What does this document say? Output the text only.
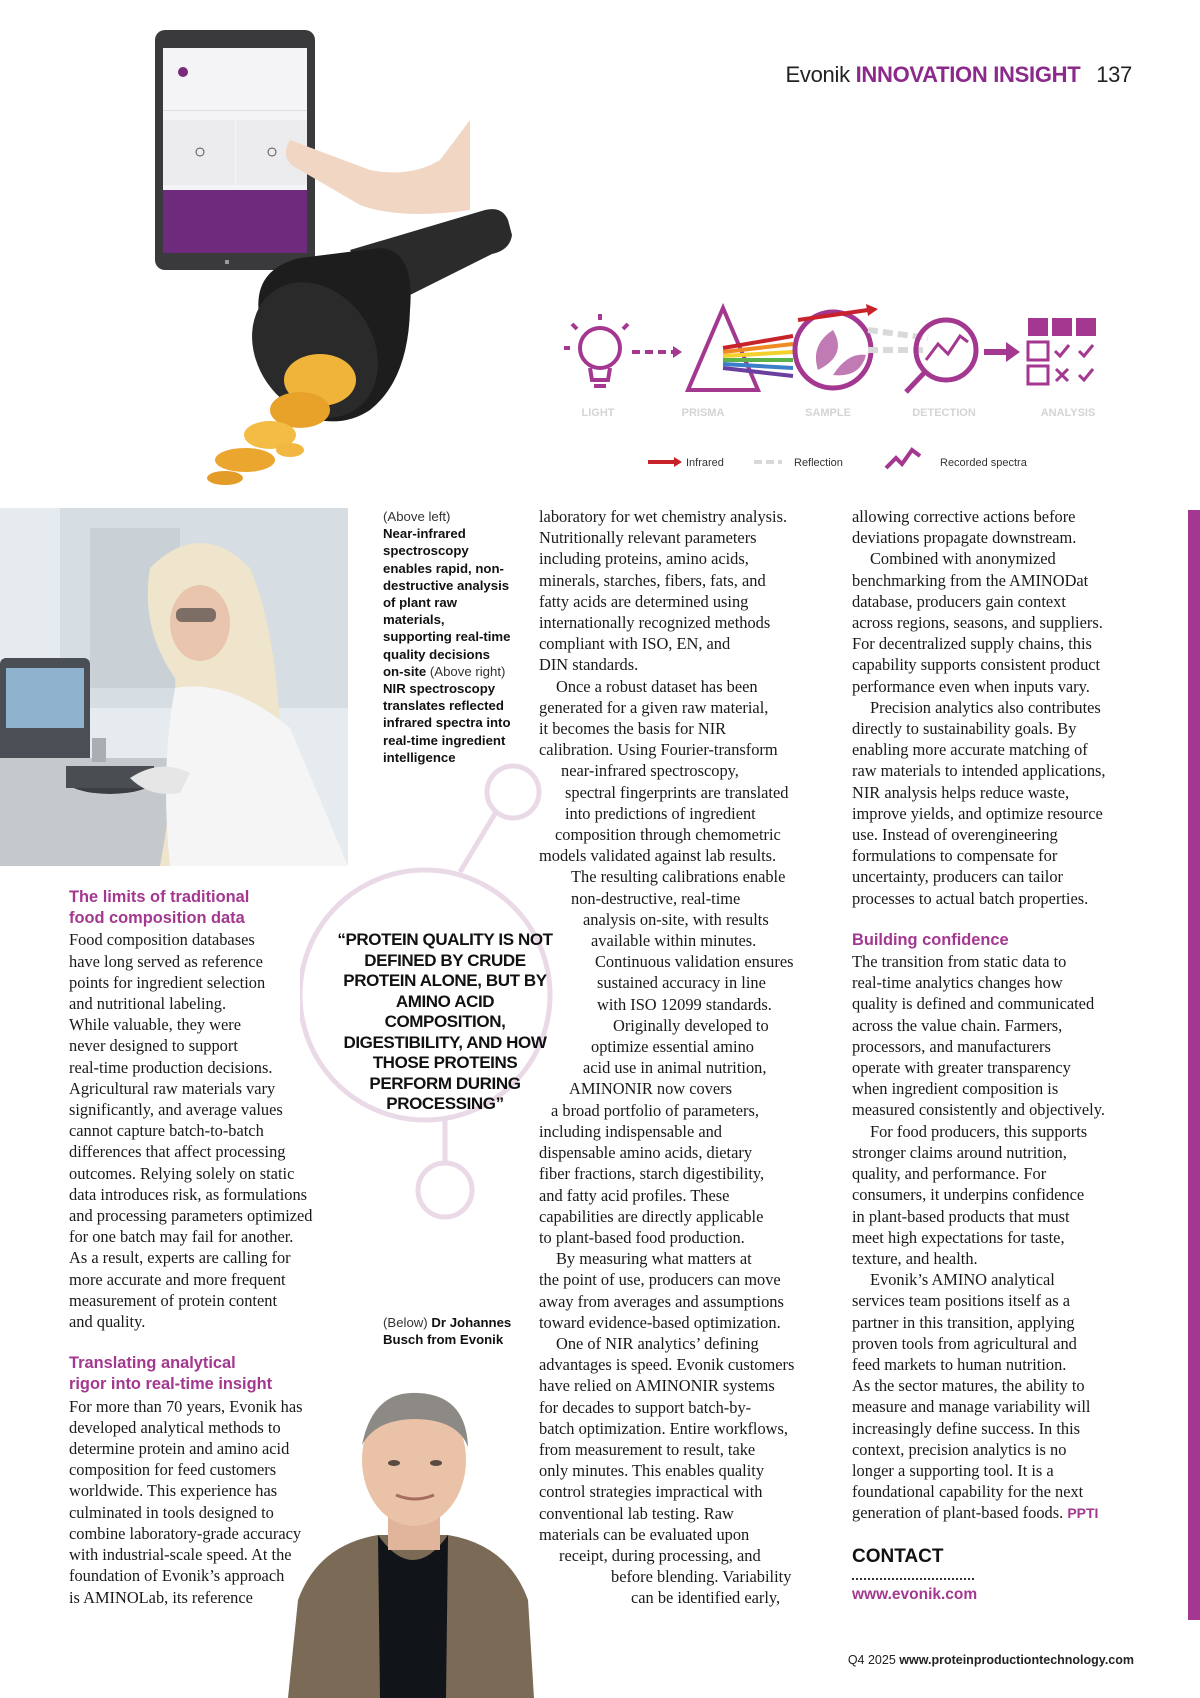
Evonik INNOVATION INSIGHT 137
LIGHT	PRISMA	SAMPLE	DETECTION	ANALYSIS
Infrared	Reflection	Recorded spectra
(Above left)
Near-infrared spectroscopy enables rapid, non-destructive analysis of plant raw materials, supporting real-time quality decisions on-site (Above right) NIR spectroscopy translates reflected infrared spectra into real-time ingredient intelligence
(Below) Dr Johannes Busch from Evonik
“PROTEIN QUALITY IS NOT DEFINED BY CRUDE PROTEIN ALONE, BUT BY AMINO ACID COMPOSITION, DIGESTIBILITY, AND HOW THOSE PROTEINS PERFORM DURING PROCESSING”
The limits of traditional
food composition data
Food composition databases
have long served as reference
points for ingredient selection
and nutritional labeling.
While valuable, they were
never designed to support
real-time production decisions.
Agricultural raw materials vary
significantly, and average values
cannot capture batch-to-batch
differences that affect processing
outcomes. Relying solely on static
data introduces risk, as formulations
and processing parameters optimized
for one batch may fail for another.
As a result, experts are calling for
more accurate and more frequent
measurement of protein content
and quality.
Translating analytical
rigor into real-time insight
For more than 70 years, Evonik has
developed analytical methods to
determine protein and amino acid
composition for feed customers
worldwide. This experience has
culminated in tools designed to
combine laboratory-grade accuracy
with industrial-scale speed. At the
foundation of Evonik’s approach
is AMINOLab, its reference
laboratory for wet chemistry analysis.
Nutritionally relevant parameters
including proteins, amino acids,
minerals, starches, fibers, fats, and
fatty acids are determined using
internationally recognized methods
compliant with ISO, EN, and
DIN standards.
Once a robust dataset has been
generated for a given raw material,
it becomes the basis for NIR
calibration. Using Fourier-transform
near-infrared spectroscopy,
spectral fingerprints are translated
into predictions of ingredient
composition through chemometric
models validated against lab results.
The resulting calibrations enable
non-destructive, real-time
analysis on-site, with results
available within minutes.
Continuous validation ensures
sustained accuracy in line
with ISO 12099 standards.
Originally developed to
optimize essential amino
acid use in animal nutrition,
AMINONIR now covers
a broad portfolio of parameters,
including indispensable and
dispensable amino acids, dietary
fiber fractions, starch digestibility,
and fatty acid profiles. These
capabilities are directly applicable
to plant-based food production.
By measuring what matters at
the point of use, producers can move
away from averages and assumptions
toward evidence-based optimization.
One of NIR analytics’ defining
advantages is speed. Evonik customers
have relied on AMINONIR systems
for decades to support batch-by-
batch optimization. Entire workflows,
from measurement to result, take
only minutes. This enables quality
control strategies impractical with
conventional lab testing. Raw
materials can be evaluated upon
receipt, during processing, and
before blending. Variability
can be identified early,
allowing corrective actions before
deviations propagate downstream.
Combined with anonymized
benchmarking from the AMINODat
database, producers gain context
across regions, seasons, and suppliers.
For decentralized supply chains, this
capability supports consistent product
performance even when inputs vary.
Precision analytics also contributes
directly to sustainability goals. By
enabling more accurate matching of
raw materials to intended applications,
NIR analysis helps reduce waste,
improve yields, and optimize resource
use. Instead of overengineering
formulations to compensate for
uncertainty, producers can tailor
processes to actual batch properties.
Building confidence
The transition from static data to
real-time analytics changes how
quality is defined and communicated
across the value chain. Farmers,
processors, and manufacturers
operate with greater transparency
when ingredient composition is
measured consistently and objectively.
For food producers, this supports
stronger claims around nutrition,
quality, and performance. For
consumers, it underpins confidence
in plant-based products that must
meet high expectations for taste,
texture, and health.
Evonik’s AMINO analytical
services team positions itself as a
partner in this transition, applying
proven tools from agricultural and
feed markets to human nutrition.
As the sector matures, the ability to
measure and manage variability will
increasingly define success. In this
context, precision analytics is no
longer a supporting tool. It is a
foundational capability for the next
generation of plant-based foods. PPTI
CONTACT
www.evonik.com
Q4 2025 www.proteinproductiontechnology.com
